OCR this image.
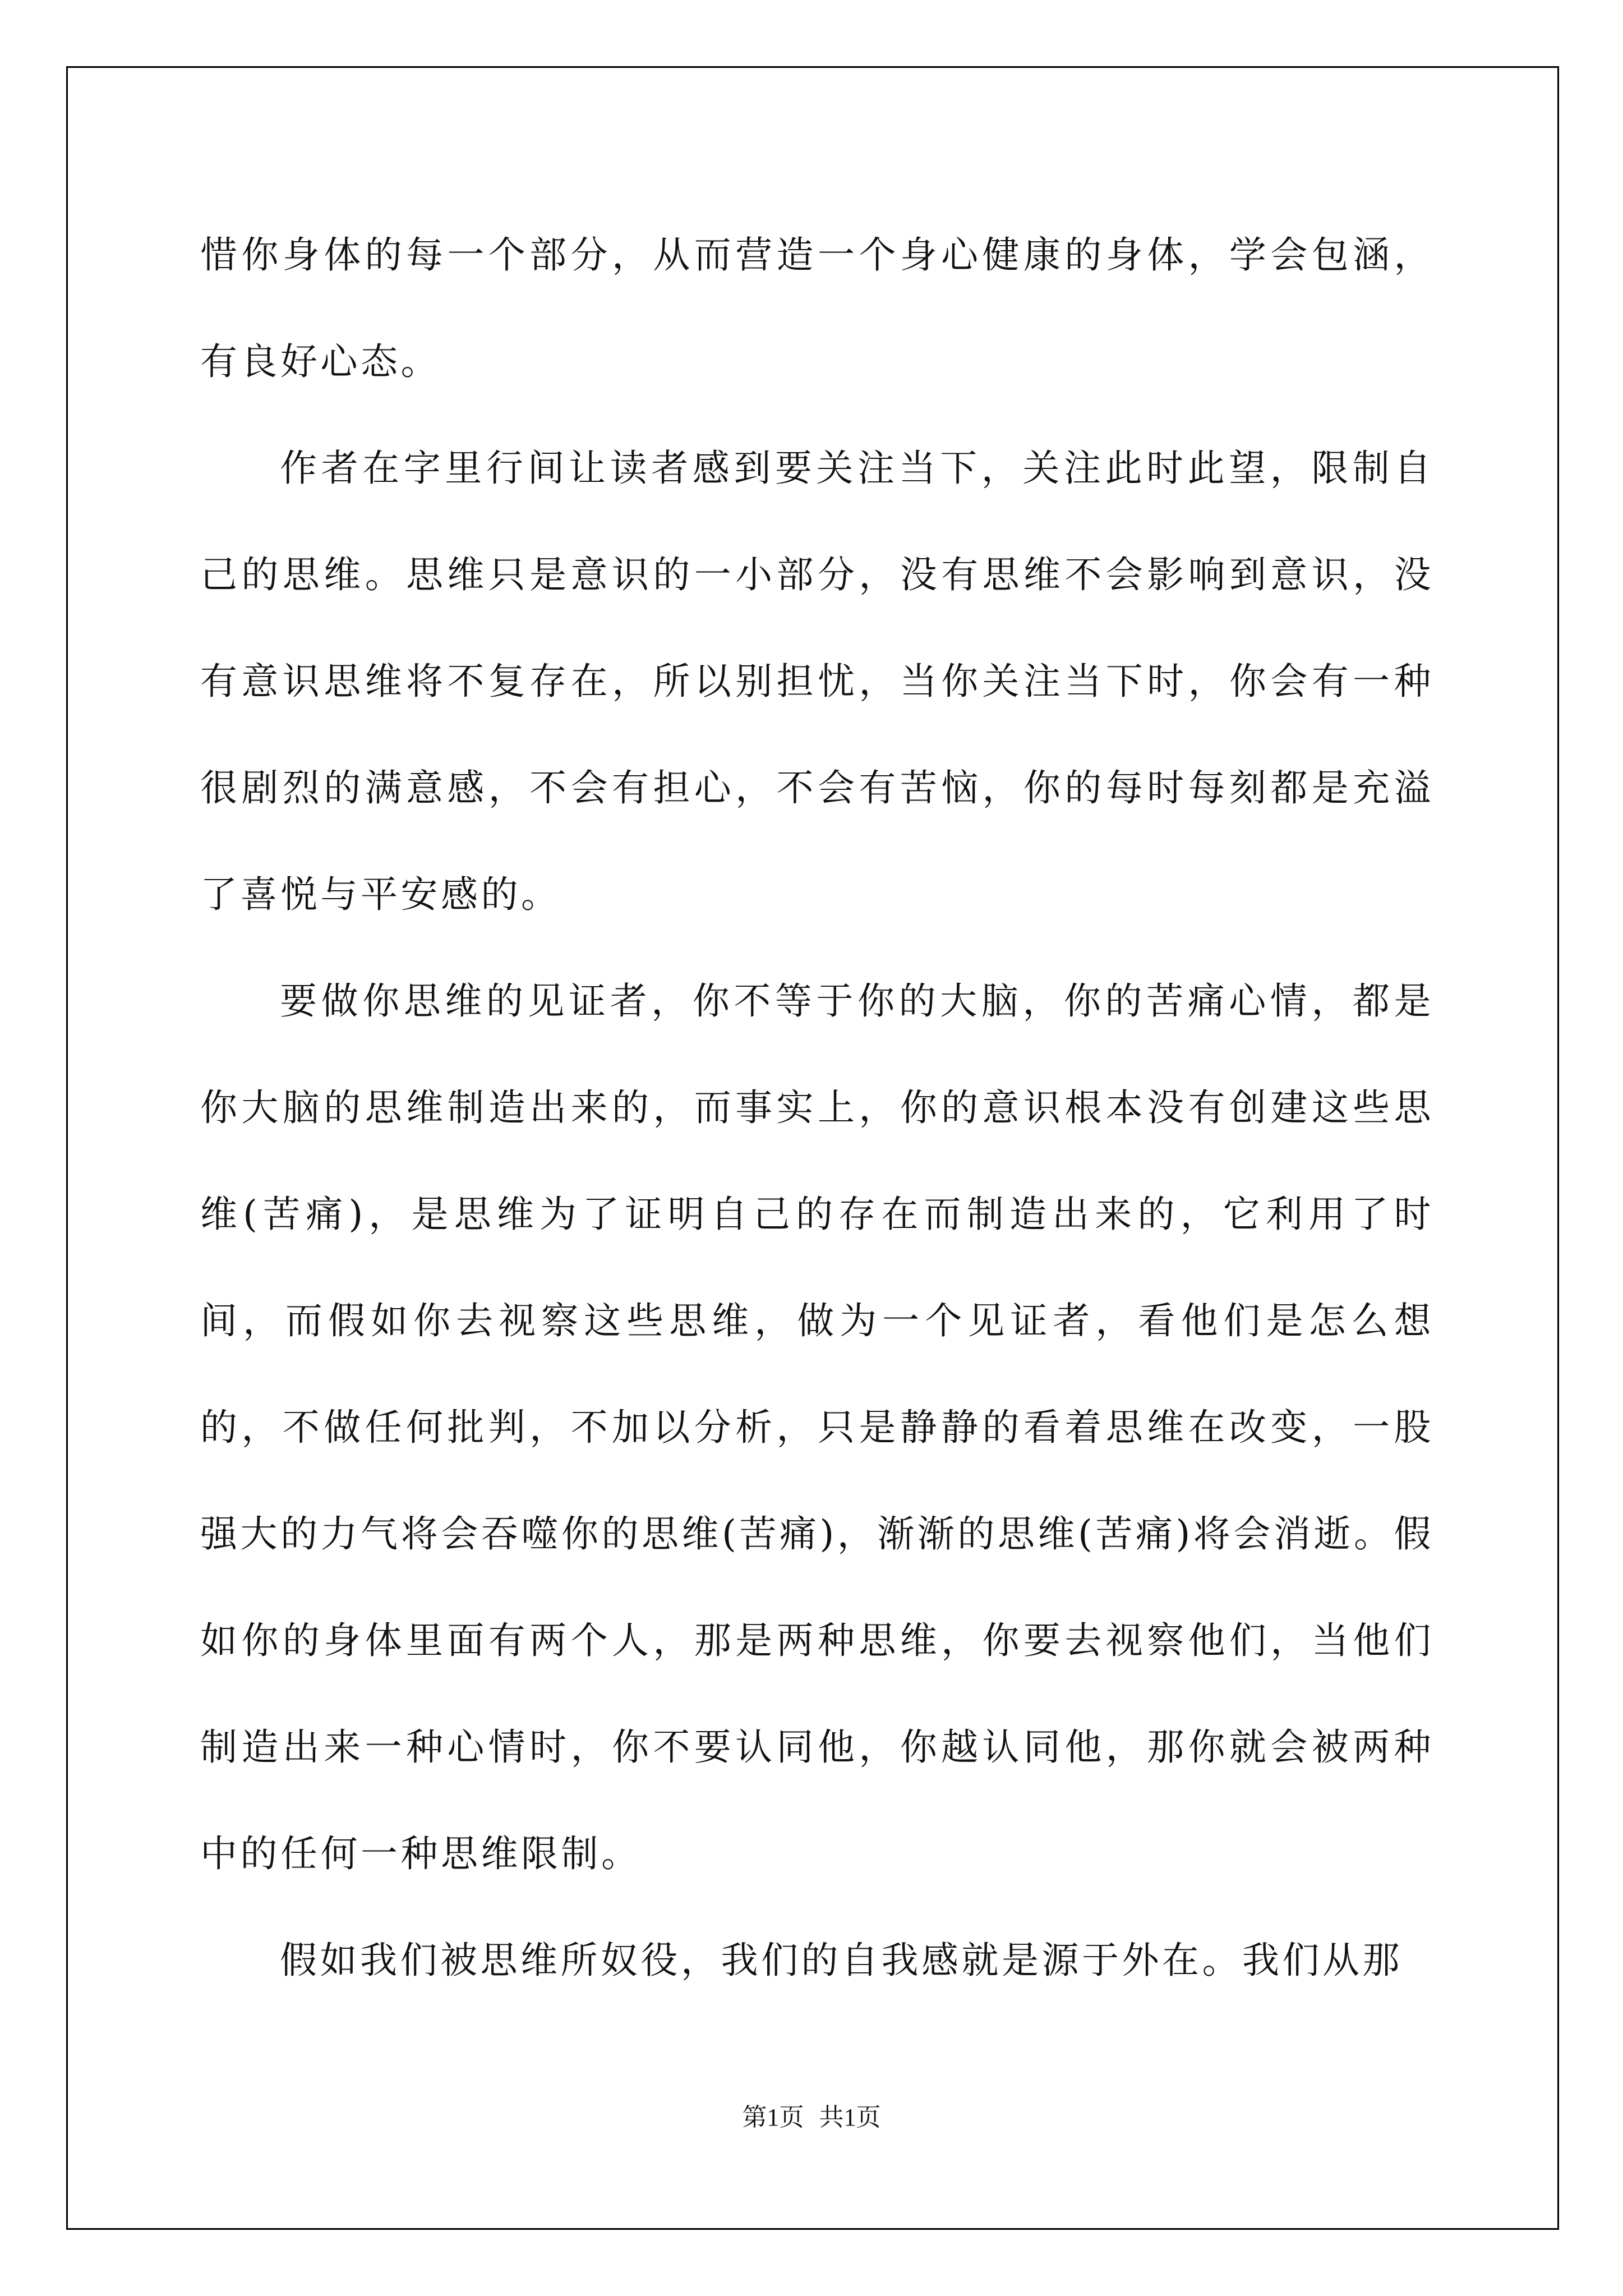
惜你身体的每一个部分，从而营造一个身心健康的身体，学会包涵，有良好心态。

作者在字里行间让读者感到要关注当下，关注此时此望，限制自己的思维。思维只是意识的一小部分，没有思维不会影响到意识，没有意识思维将不复存在，所以别担忧，当你关注当下时，你会有一种很剧烈的满意感，不会有担心，不会有苦恼，你的每时每刻都是充溢了喜悦与平安感的。

要做你思维的见证者，你不等于你的大脑，你的苦痛心情，都是你大脑的思维制造出来的，而事实上，你的意识根本没有创建这些思维(苦痛)，是思维为了证明自己的存在而制造出来的，它利用了时间，而假如你去视察这些思维，做为一个见证者，看他们是怎么想的，不做任何批判，不加以分析，只是静静的看着思维在改变，一股强大的力气将会吞噬你的思维(苦痛)，渐渐的思维(苦痛)将会消逝。假如你的身体里面有两个人，那是两种思维，你要去视察他们，当他们制造出来一种心情时，你不要认同他，你越认同他，那你就会被两种中的任何一种思维限制。

假如我们被思维所奴役，我们的自我感就是源于外在。我们从那

第1页 共1页
